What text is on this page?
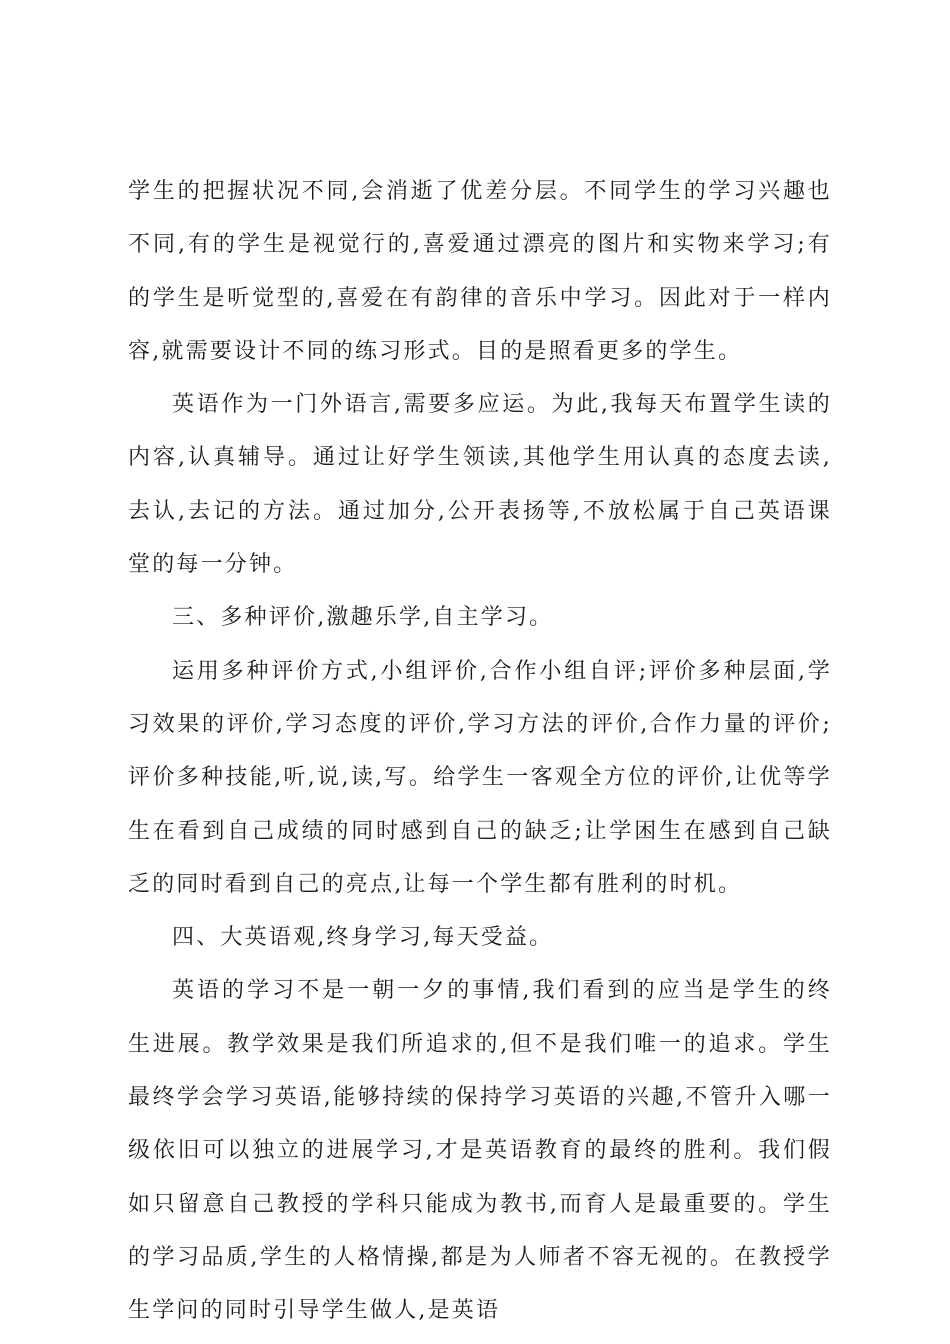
学生的把握状况不同,会消逝了优差分层。不同学生的学习兴趣也不同,有的学生是视觉行的,喜爱通过漂亮的图片和实物来学习;有的学生是听觉型的,喜爱在有韵律的音乐中学习。因此对于一样内容,就需要设计不同的练习形式。目的是照看更多的学生。

英语作为一门外语言,需要多应运。为此,我每天布置学生读的内容,认真辅导。通过让好学生领读,其他学生用认真的态度去读,去认,去记的方法。通过加分,公开表扬等,不放松属于自己英语课堂的每一分钟。

三、多种评价,激趣乐学,自主学习。

运用多种评价方式,小组评价,合作小组自评;评价多种层面,学习效果的评价,学习态度的评价,学习方法的评价,合作力量的评价;评价多种技能,听,说,读,写。给学生一客观全方位的评价,让优等学生在看到自己成绩的同时感到自己的缺乏;让学困生在感到自己缺乏的同时看到自己的亮点,让每一个学生都有胜利的时机。

四、大英语观,终身学习,每天受益。

英语的学习不是一朝一夕的事情,我们看到的应当是学生的终生进展。教学效果是我们所追求的,但不是我们唯一的追求。学生最终学会学习英语,能够持续的保持学习英语的兴趣,不管升入哪一级依旧可以独立的进展学习,才是英语教育的最终的胜利。我们假如只留意自己教授的学科只能成为教书,而育人是最重要的。学生的学习品质,学生的人格情操,都是为人师者不容无视的。在教授学生学问的同时引导学生做人,是英语
